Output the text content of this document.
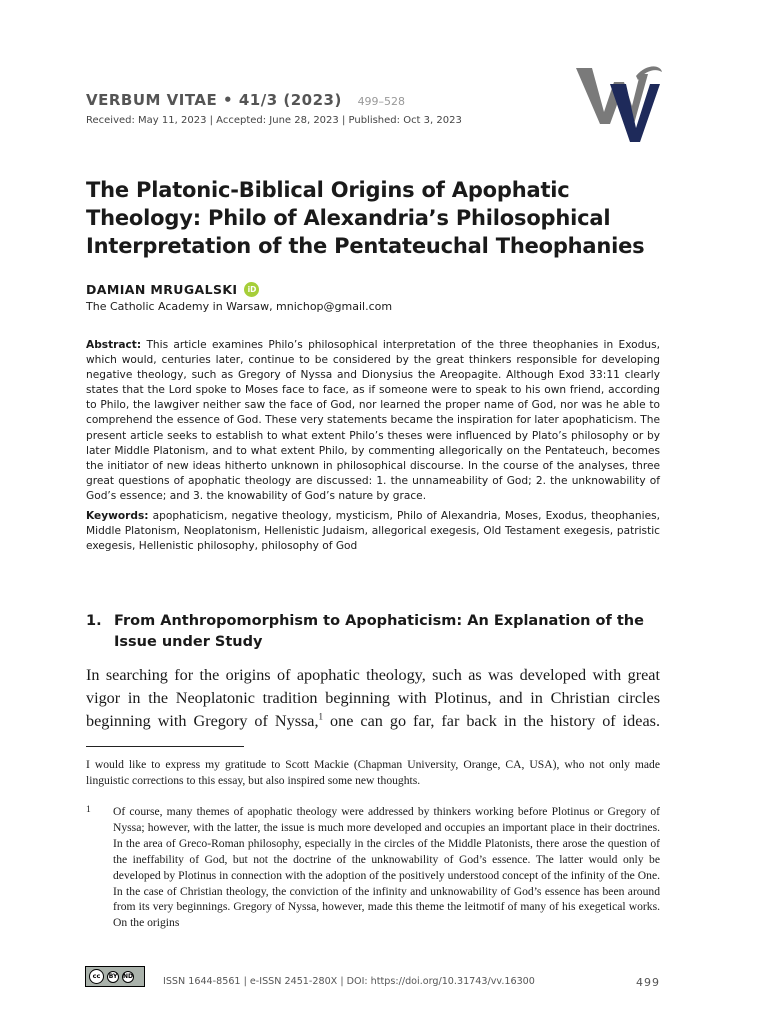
VERBUM VITAE • 41/3 (2023) 499–528
Received: May 11, 2023 | Accepted: June 28, 2023 | Published: Oct 3, 2023
The Platonic-Biblical Origins of Apophatic Theology: Philo of Alexandria’s Philosophical Interpretation of the Pentateuchal Theophanies
DAMIAN MRUGALSKI	iD
The Catholic Academy in Warsaw, mnichop@gmail.com

Abstract: This article examines Philo’s philosophical interpretation of the three theophanies in Exodus, which would, centuries later, continue to be considered by the great thinkers responsible for developing negative theology, such as Gregory of Nyssa and Dionysius the Areopagite. Although Exod 33:11 clearly states that the Lord spoke to Moses face to face, as if someone were to speak to his own friend, according to Philo, the lawgiver neither saw the face of God, nor learned the proper name of God, nor was he able to comprehend the essence of God. These very statements became the inspiration for later apophaticism. The present article seeks to establish to what extent Philo’s theses were influenced by Plato’s philosophy or by later Middle Platonism, and to what extent Philo, by commenting allegorically on the Pentateuch, becomes the initiator of new ideas hitherto unknown in philosophical discourse. In the course of the analyses, three great questions of apophatic theology are discussed: 1. the unnameability of God; 2. the unknowability of God’s essence; and 3. the knowability of God’s nature by grace.

Keywords: apophaticism, negative theology, mysticism, Philo of Alexandria, Moses, Exodus, theophanies, Middle Platonism, Neoplatonism, Hellenistic Judaism, allegorical exegesis, Old Testament exegesis, patristic exegesis, Hellenistic philosophy, philosophy of God

1. From Anthropomorphism to Apophaticism: An Explanation of the Issue under Study

In searching for the origins of apophatic theology, such as was developed with great vigor in the Neoplatonic tradition beginning with Plotinus, and in Christian circles beginning with Gregory of Nyssa,$^1$ one can go far, far back in the history of ideas.

I would like to express my gratitude to Scott Mackie (Chapman University, Orange, CA, USA), who not only made linguistic corrections to this essay, but also inspired some new thoughts.

1 Of course, many themes of apophatic theology were addressed by thinkers working before Plotinus or Gregory of Nyssa; however, with the latter, the issue is much more developed and occupies an important place in their doctrines. In the area of Greco-Roman philosophy, especially in the circles of the Middle Platonists, there arose the question of the ineffability of God, but not the doctrine of the unknowability of God’s essence. The latter would only be developed by Plotinus in connection with the adoption of the positively understood concept of the infinity of the One. In the case of Christian theology, the conviction of the infinity and unknowability of God’s essence has been around from its very beginnings. Gregory of Nyssa, however, made this theme the leitmotif of many of his exegetical works. On the origins

cc	BY ND	ISSN 1644-8561 | e-ISSN 2451-280X | DOI: https://doi.org/10.31743/vv.16300	499
